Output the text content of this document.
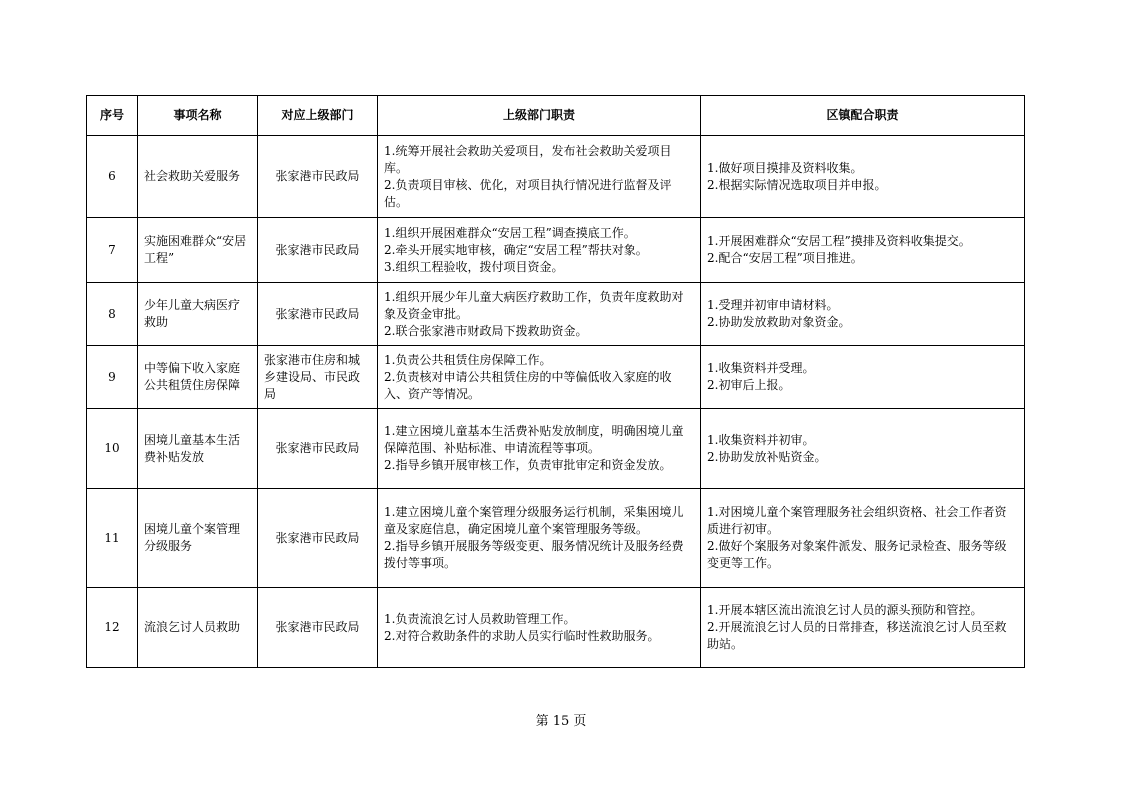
序号	事项名称	对应上级部门	上级部门职责	区镇配合职责
6	社会救助关爱服务	张家港市民政局	1.统筹开展社会救助关爱项目，发布社会救助关爱项目库。
2.负责项目审核、优化，对项目执行情况进行监督及评估。	1.做好项目摸排及资料收集。
2.根据实际情况选取项目并申报。

7	实施困难群众“安居工程”	张家港市民政局	1.组织开展困难群众“安居工程”调查摸底工作。
2.牵头开展实地审核，确定“安居工程”帮扶对象。
3.组织工程验收，拨付项目资金。	1.开展困难群众“安居工程”摸排及资料收集提交。
2.配合“安居工程”项目推进。

8	少年儿童大病医疗救助	张家港市民政局	1.组织开展少年儿童大病医疗救助工作，负责年度救助对象及资金审批。
2.联合张家港市财政局下拨救助资金。	1.受理并初审申请材料。
2.协助发放救助对象资金。

9	中等偏下收入家庭公共租赁住房保障	张家港市住房和城乡建设局、市民政局	1.负责公共租赁住房保障工作。
2.负责核对申请公共租赁住房的中等偏低收入家庭的收入、资产等情况。	1.收集资料并受理。
2.初审后上报。

10	困境儿童基本生活费补贴发放	张家港市民政局	1.建立困境儿童基本生活费补贴发放制度，明确困境儿童保障范围、补贴标准、申请流程等事项。
2.指导乡镇开展审核工作，负责审批审定和资金发放。	1.收集资料并初审。
2.协助发放补贴资金。

11	困境儿童个案管理分级服务	张家港市民政局	1.建立困境儿童个案管理分级服务运行机制，采集困境儿童及家庭信息，确定困境儿童个案管理服务等级。
2.指导乡镇开展服务等级变更、服务情况统计及服务经费拨付等事项。	1.对困境儿童个案管理服务社会组织资格、社会工作者资质进行初审。
2.做好个案服务对象案件派发、服务记录检查、服务等级变更等工作。

12	流浪乞讨人员救助	张家港市民政局	1.负责流浪乞讨人员救助管理工作。
2.对符合救助条件的求助人员实行临时性救助服务。	1.开展本辖区流出流浪乞讨人员的源头预防和管控。
2.开展流浪乞讨人员的日常排查，移送流浪乞讨人员至救助站。
第 15 页
